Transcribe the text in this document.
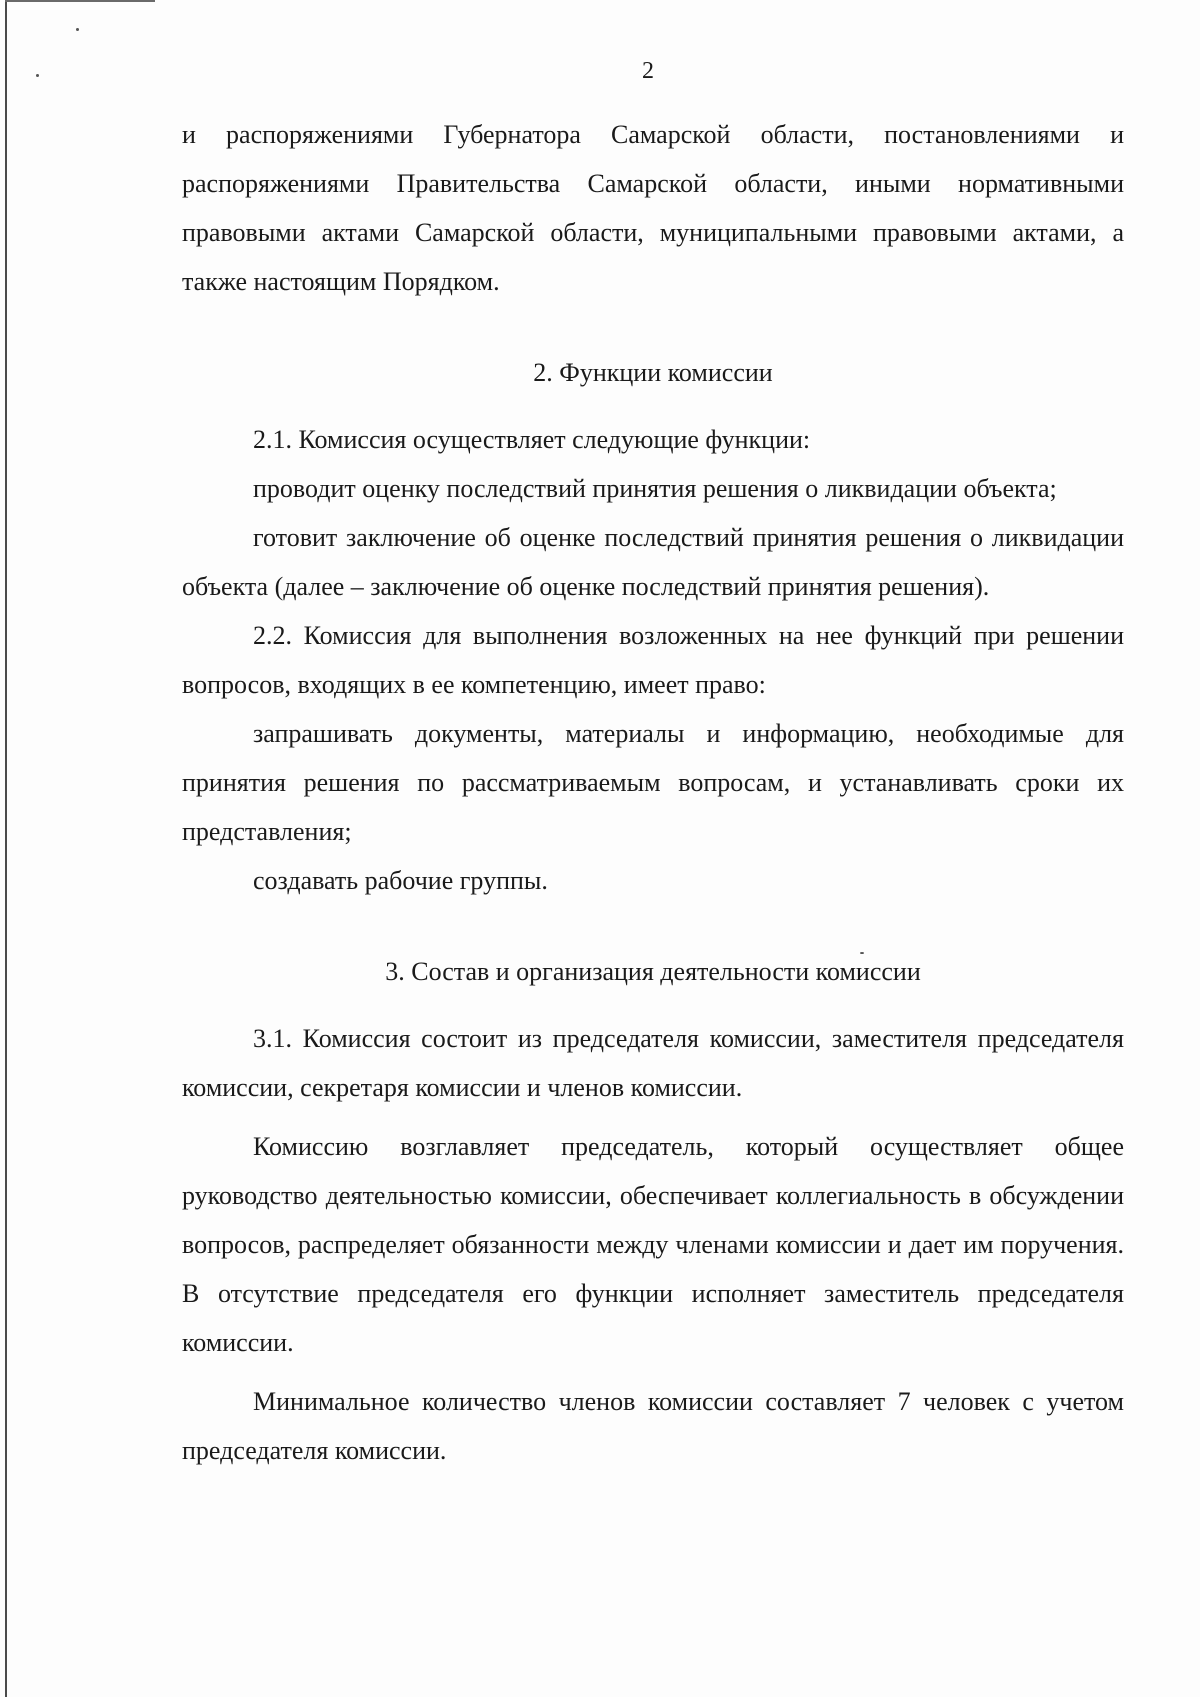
2

и распоряжениями Губернатора Самарской области, постановлениями и распоряжениями Правительства Самарской области, иными нормативными правовыми актами Самарской области, муниципальными правовыми актами, а также настоящим Порядком.

2. Функции комиссии

2.1. Комиссия осуществляет следующие функции:

проводит оценку последствий принятия решения о ликвидации объекта;

готовит заключение об оценке последствий принятия решения о ликвидации объекта (далее – заключение об оценке последствий принятия решения).

2.2. Комиссия для выполнения возложенных на нее функций при решении вопросов, входящих в ее компетенцию, имеет право:

запрашивать документы, материалы и информацию, необходимые для принятия решения по рассматриваемым вопросам, и устанавливать сроки их представления;

создавать рабочие группы.

3. Состав и организация деятельности комиссии

3.1. Комиссия состоит из председателя комиссии, заместителя председателя комиссии, секретаря комиссии и членов комиссии.

Комиссию возглавляет председатель, который осуществляет общее руководство деятельностью комиссии, обеспечивает коллегиальность в обсуждении вопросов, распределяет обязанности между членами комиссии и дает им поручения. В отсутствие председателя его функции исполняет заместитель председателя комиссии.

Минимальное количество членов комиссии составляет 7 человек с учетом председателя комиссии.
